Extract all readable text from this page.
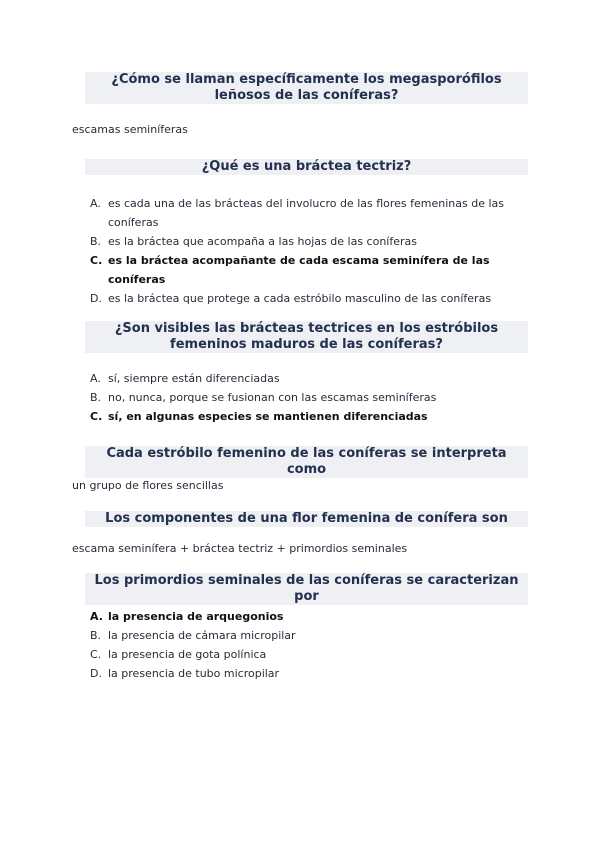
¿Cómo se llaman específicamente los megasporófilos leñosos de las coníferas?
escamas seminíferas
¿Qué es una bráctea tectriz?
A. es cada una de las brácteas del involucro de las flores femeninas de las coníferas
B. es la bráctea que acompaña a las hojas de las coníferas
C. es la bráctea acompañante de cada escama seminífera de las coníferas
D. es la bráctea que protege a cada estróbilo masculino de las coníferas
¿Son visibles las brácteas tectrices en los estróbilos femeninos maduros de las coníferas?
A. sí, siempre están diferenciadas
B. no, nunca, porque se fusionan con las escamas seminíferas
C. sí, en algunas especies se mantienen diferenciadas
Cada estróbilo femenino de las coníferas se interpreta como
un grupo de flores sencillas
Los componentes de una flor femenina de conífera son
escama seminífera + bráctea tectriz + primordios seminales
Los primordios seminales de las coníferas se caracterizan por
A. la presencia de arquegonios
B. la presencia de cámara micropilar
C. la presencia de gota polínica
D. la presencia de tubo micropilar
